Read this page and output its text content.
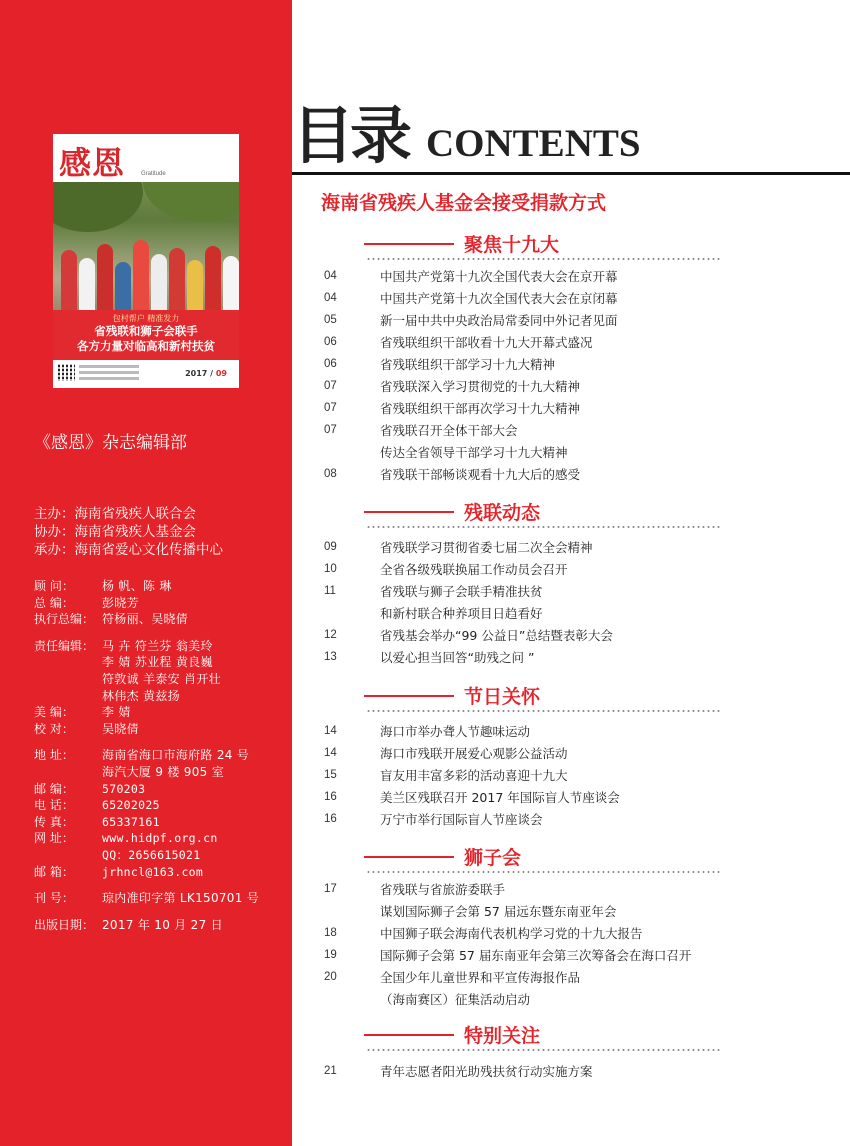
感恩	Gratitude
包村帮户 精准发力
省残联和狮子会联手
各方力量对临高和新村扶贫
2017 / 09
《感恩》杂志编辑部
主办：海南省残疾人联合会
协办：海南省残疾人基金会
承办：海南省爱心文化传播中心
顾 问：	杨 帆、陈 琳
总 编：	彭晓芳
执行总编： 符杨丽、吴晓倩
责任编辑： 马 卉 符兰芬 翁美玲
李 婧 苏业程 黄良巍
符敦诚 羊泰安 肖开壮
林伟杰 黄兹扬
美 编：	李 婧
校 对：	吴晓倩
地 址：	海南省海口市海府路 24 号
海汽大厦 9 楼 905 室
邮 编：	570203
电 话：	65202025
传 真：	65337161
网 址：	www.hidpf.org.cn
QQ：2656615021
邮 箱：	jrhncl@163.com
刊 号：	琼内准印字第 LK150701 号
出版日期： 2017 年 10 月 27 日
目录 CONTENTS
海南省残疾人基金会接受捐款方式
聚焦十九大
04	中国共产党第十九次全国代表大会在京开幕
04	中国共产党第十九次全国代表大会在京闭幕
05	新一届中共中央政治局常委同中外记者见面
06	省残联组织干部收看十九大开幕式盛况
06	省残联组织干部学习十九大精神
07	省残联深入学习贯彻党的十九大精神
07	省残联组织干部再次学习十九大精神
07	省残联召开全体干部大会
传达全省领导干部学习十九大精神
08	省残联干部畅谈观看十九大后的感受
残联动态
09	省残联学习贯彻省委七届二次全会精神
10	全省各级残联换届工作动员会召开
11	省残联与狮子会联手精准扶贫
和新村联合种养项目日趋看好
12	省残基会举办“99 公益日”总结暨表彰大会
13	以爱心担当回答“助残之问 ”
节日关怀
14	海口市举办聋人节趣味运动
14	海口市残联开展爱心观影公益活动
15	盲友用丰富多彩的活动喜迎十九大
16	美兰区残联召开 2017 年国际盲人节座谈会
16	万宁市举行国际盲人节座谈会
狮子会
17	省残联与省旅游委联手
谋划国际狮子会第 57 届远东暨东南亚年会
18	中国狮子联会海南代表机构学习党的十九大报告
19	国际狮子会第 57 届东南亚年会第三次筹备会在海口召开
20	全国少年儿童世界和平宣传海报作品
（海南赛区）征集活动启动
特别关注
21	青年志愿者阳光助残扶贫行动实施方案
